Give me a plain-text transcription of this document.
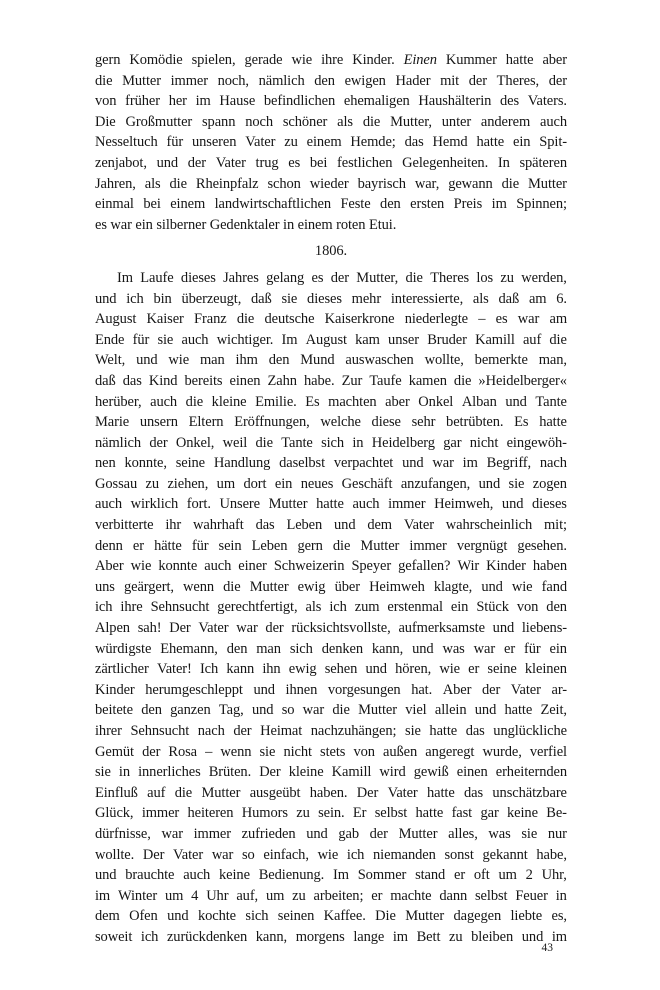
gern Komödie spielen, gerade wie ihre Kinder. Einen Kummer hatte aber
die Mutter immer noch, nämlich den ewigen Hader mit der Theres, der
von früher her im Hause befindlichen ehemaligen Haushälterin des Vaters.
Die Großmutter spann noch schöner als die Mutter, unter anderem auch
Nesseltuch für unseren Vater zu einem Hemde; das Hemd hatte ein Spit-
zenjabot, und der Vater trug es bei festlichen Gelegenheiten. In späteren
Jahren, als die Rheinpfalz schon wieder bayrisch war, gewann die Mutter
einmal bei einem landwirtschaftlichen Feste den ersten Preis im Spinnen;
es war ein silberner Gedenktaler in einem roten Etui.
1806.
Im Laufe dieses Jahres gelang es der Mutter, die Theres los zu werden,
und ich bin überzeugt, daß sie dieses mehr interessierte, als daß am 6.
August Kaiser Franz die deutsche Kaiserkrone niederlegte – es war am
Ende für sie auch wichtiger. Im August kam unser Bruder Kamill auf die
Welt, und wie man ihm den Mund auswaschen wollte, bemerkte man,
daß das Kind bereits einen Zahn habe. Zur Taufe kamen die »Heidelberger«
herüber, auch die kleine Emilie. Es machten aber Onkel Alban und Tante
Marie unsern Eltern Eröffnungen, welche diese sehr betrübten. Es hatte
nämlich der Onkel, weil die Tante sich in Heidelberg gar nicht eingewöh-
nen konnte, seine Handlung daselbst verpachtet und war im Begriff, nach
Gossau zu ziehen, um dort ein neues Geschäft anzufangen, und sie zogen
auch wirklich fort. Unsere Mutter hatte auch immer Heimweh, und dieses
verbitterte ihr wahrhaft das Leben und dem Vater wahrscheinlich mit;
denn er hätte für sein Leben gern die Mutter immer vergnügt gesehen.
Aber wie konnte auch einer Schweizerin Speyer gefallen? Wir Kinder haben
uns geärgert, wenn die Mutter ewig über Heimweh klagte, und wie fand
ich ihre Sehnsucht gerechtfertigt, als ich zum erstenmal ein Stück von den
Alpen sah! Der Vater war der rücksichtsvollste, aufmerksamste und liebens-
würdigste Ehemann, den man sich denken kann, und was war er für ein
zärtlicher Vater! Ich kann ihn ewig sehen und hören, wie er seine kleinen
Kinder herumgeschleppt und ihnen vorgesungen hat. Aber der Vater ar-
beitete den ganzen Tag, und so war die Mutter viel allein und hatte Zeit,
ihrer Sehnsucht nach der Heimat nachzuhängen; sie hatte das unglückliche
Gemüt der Rosa – wenn sie nicht stets von außen angeregt wurde, verfiel
sie in innerliches Brüten. Der kleine Kamill wird gewiß einen erheiternden
Einfluß auf die Mutter ausgeübt haben. Der Vater hatte das unschätzbare
Glück, immer heiteren Humors zu sein. Er selbst hatte fast gar keine Be-
dürfnisse, war immer zufrieden und gab der Mutter alles, was sie nur
wollte. Der Vater war so einfach, wie ich niemanden sonst gekannt habe,
und brauchte auch keine Bedienung. Im Sommer stand er oft um 2 Uhr,
im Winter um 4 Uhr auf, um zu arbeiten; er machte dann selbst Feuer in
dem Ofen und kochte sich seinen Kaffee. Die Mutter dagegen liebte es,
soweit ich zurückdenken kann, morgens lange im Bett zu bleiben und im
43
